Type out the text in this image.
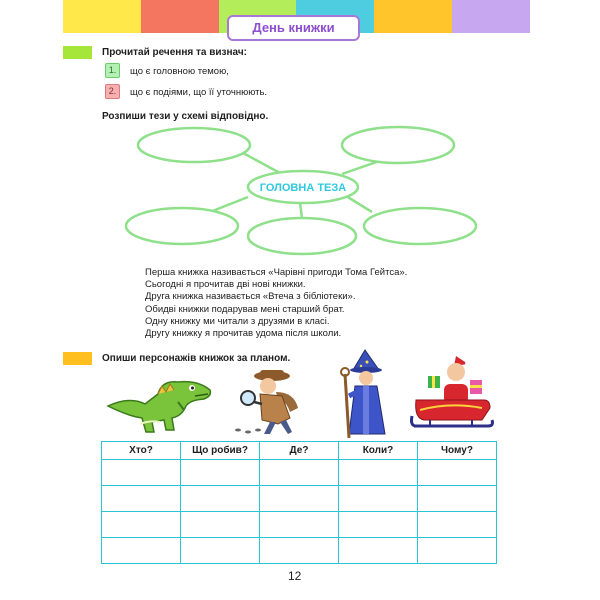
День книжки
Прочитай речення та визнач:
1.	що є головною темою,
2.	що є подіями, що її уточнюють.
Розпиши тези у схемі відповідно.
ГОЛОВНА ТЕЗА
Перша книжка називається «Чарівні пригоди Тома Гейтса».
Сьогодні я прочитав дві нові книжки.
Друга книжка називається «Втеча з бібліотеки».
Обидві книжки подарував мені старший брат.
Одну книжку ми читали з друзями в класі.
Другу книжку я прочитав удома після школи.
Опиши персонажів книжок за планом.
Хто?	Що робив?	Де?	Коли?	Чому?

12
